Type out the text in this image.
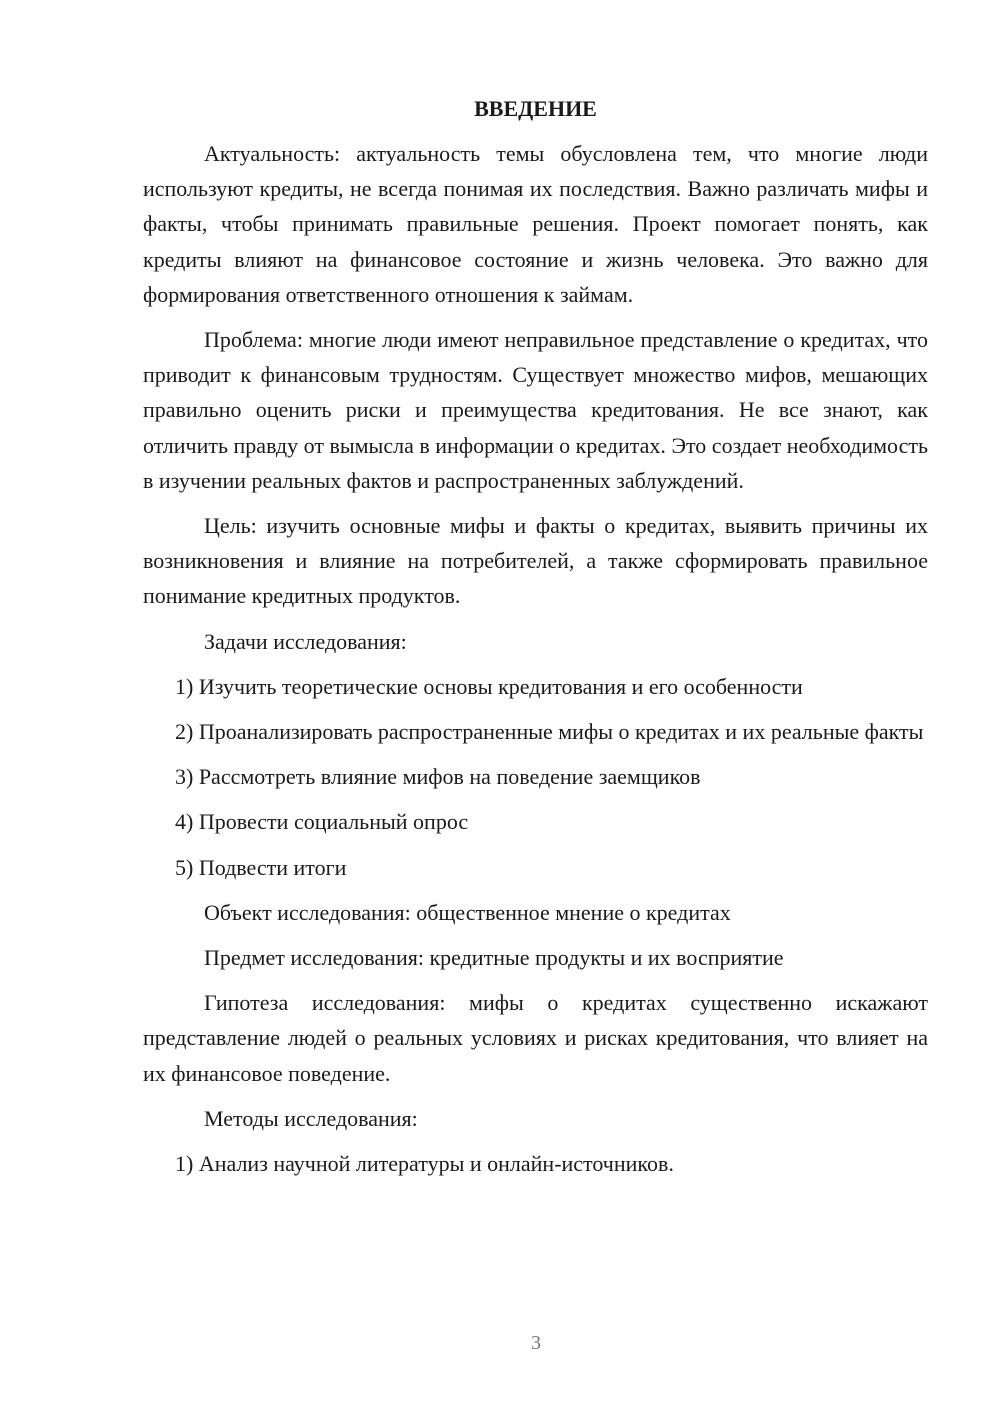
ВВЕДЕНИЕ

Актуальность: актуальность темы обусловлена тем, что многие люди используют кредиты, не всегда понимая их последствия. Важно различать мифы и факты, чтобы принимать правильные решения. Проект помогает понять, как кредиты влияют на финансовое состояние и жизнь человека. Это важно для формирования ответственного отношения к займам.

Проблема: многие люди имеют неправильное представление о кредитах, что приводит к финансовым трудностям. Существует множество мифов, мешающих правильно оценить риски и преимущества кредитования. Не все знают, как отличить правду от вымысла в информации о кредитах. Это создает необходимость в изучении реальных фактов и распространенных заблуждений.

Цель: изучить основные мифы и факты о кредитах, выявить причины их возникновения и влияние на потребителей, а также сформировать правильное понимание кредитных продуктов.

Задачи исследования:

1) Изучить теоретические основы кредитования и его особенности

2) Проанализировать распространенные мифы о кредитах и их реальные факты

3) Рассмотреть влияние мифов на поведение заемщиков

4) Провести социальный опрос

5) Подвести итоги

Объект исследования: общественное мнение о кредитах

Предмет исследования: кредитные продукты и их восприятие

Гипотеза исследования: мифы о кредитах существенно искажают представление людей о реальных условиях и рисках кредитования, что влияет на их финансовое поведение.

Методы исследования:

1) Анализ научной литературы и онлайн-источников.

3
